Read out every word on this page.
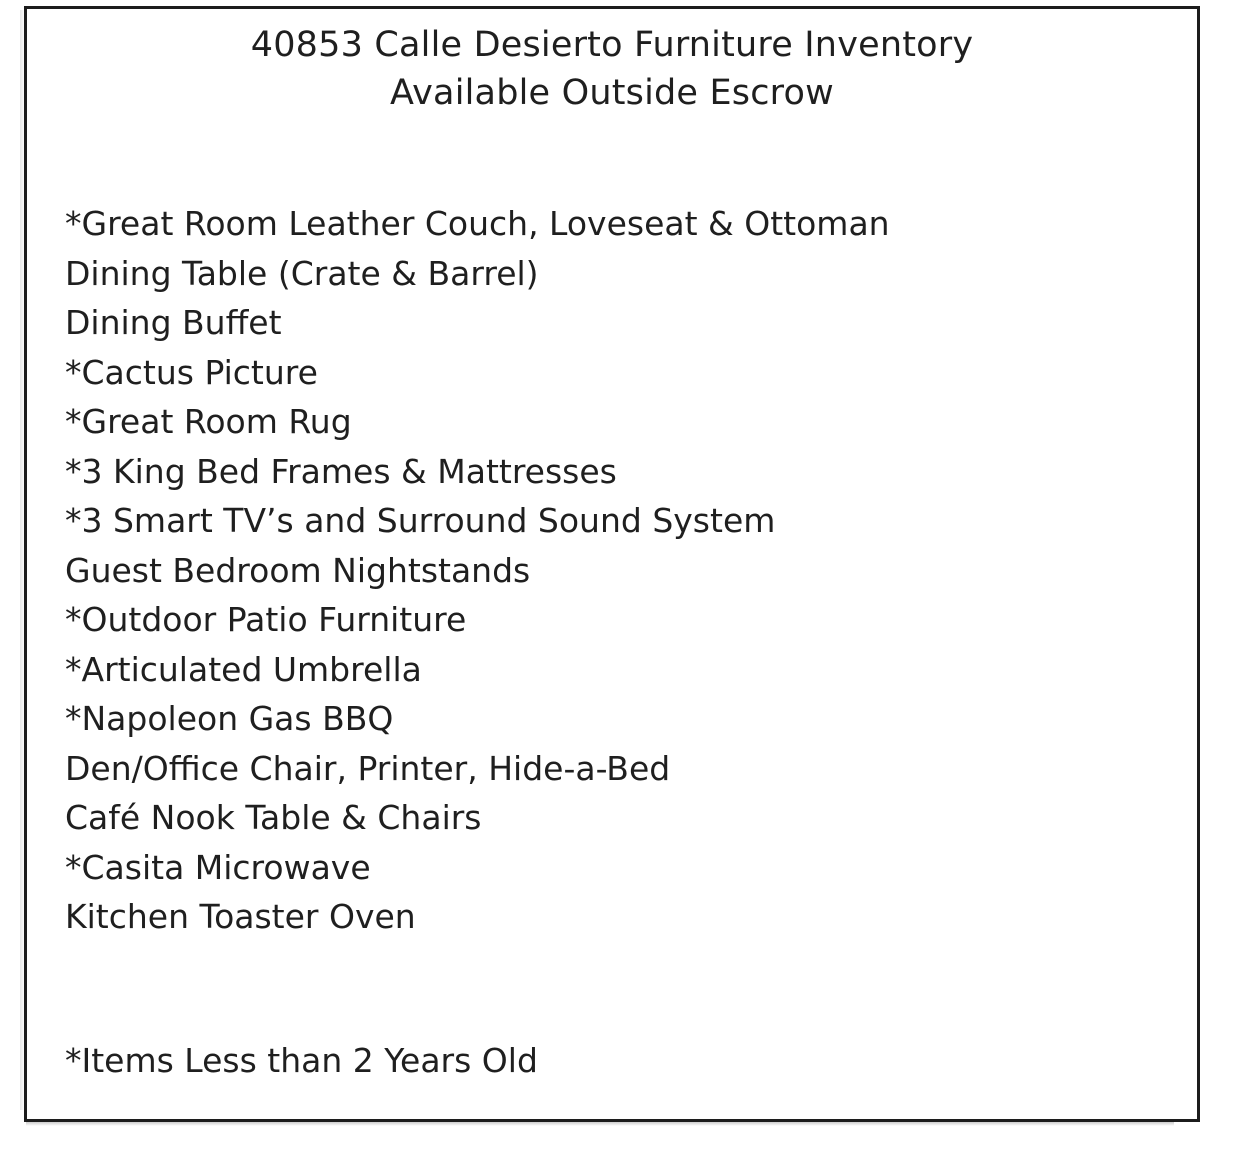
40853 Calle Desierto Furniture Inventory
Available Outside Escrow
*Great Room Leather Couch, Loveseat & Ottoman
Dining Table (Crate & Barrel)
Dining Buffet
*Cactus Picture
*Great Room Rug
*3 King Bed Frames & Mattresses
*3 Smart TV’s and Surround Sound System
Guest Bedroom Nightstands
*Outdoor Patio Furniture
*Articulated Umbrella
*Napoleon Gas BBQ
Den/Office Chair, Printer, Hide-a-Bed
Café Nook Table & Chairs
*Casita Microwave
Kitchen Toaster Oven
*Items Less than 2 Years Old
